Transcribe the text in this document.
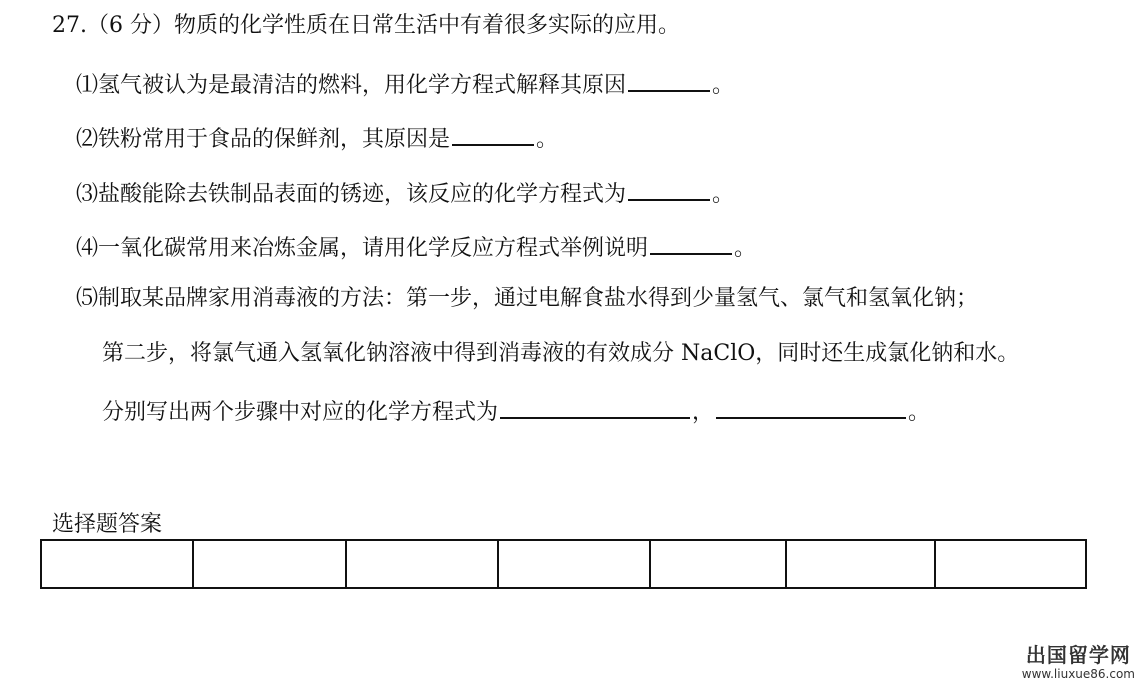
27.（6 分）物质的化学性质在日常生活中有着很多实际的应用。
⑴氢气被认为是最清洁的燃料，用化学方程式解释其原因	。
⑵铁粉常用于食品的保鲜剂，其原因是	。
⑶盐酸能除去铁制品表面的锈迹，该反应的化学方程式为	。
⑷一氧化碳常用来冶炼金属，请用化学反应方程式举例说明	。
⑸制取某品牌家用消毒液的方法：第一步，通过电解食盐水得到少量氢气、氯气和氢氧化钠；
第二步，将氯气通入氢氧化钠溶液中得到消毒液的有效成分 NaClO，同时还生成氯化钠和水。
分别写出两个步骤中对应的化学方程式为	，	。
选择题答案

出国留学网
www.liuxue86.com
